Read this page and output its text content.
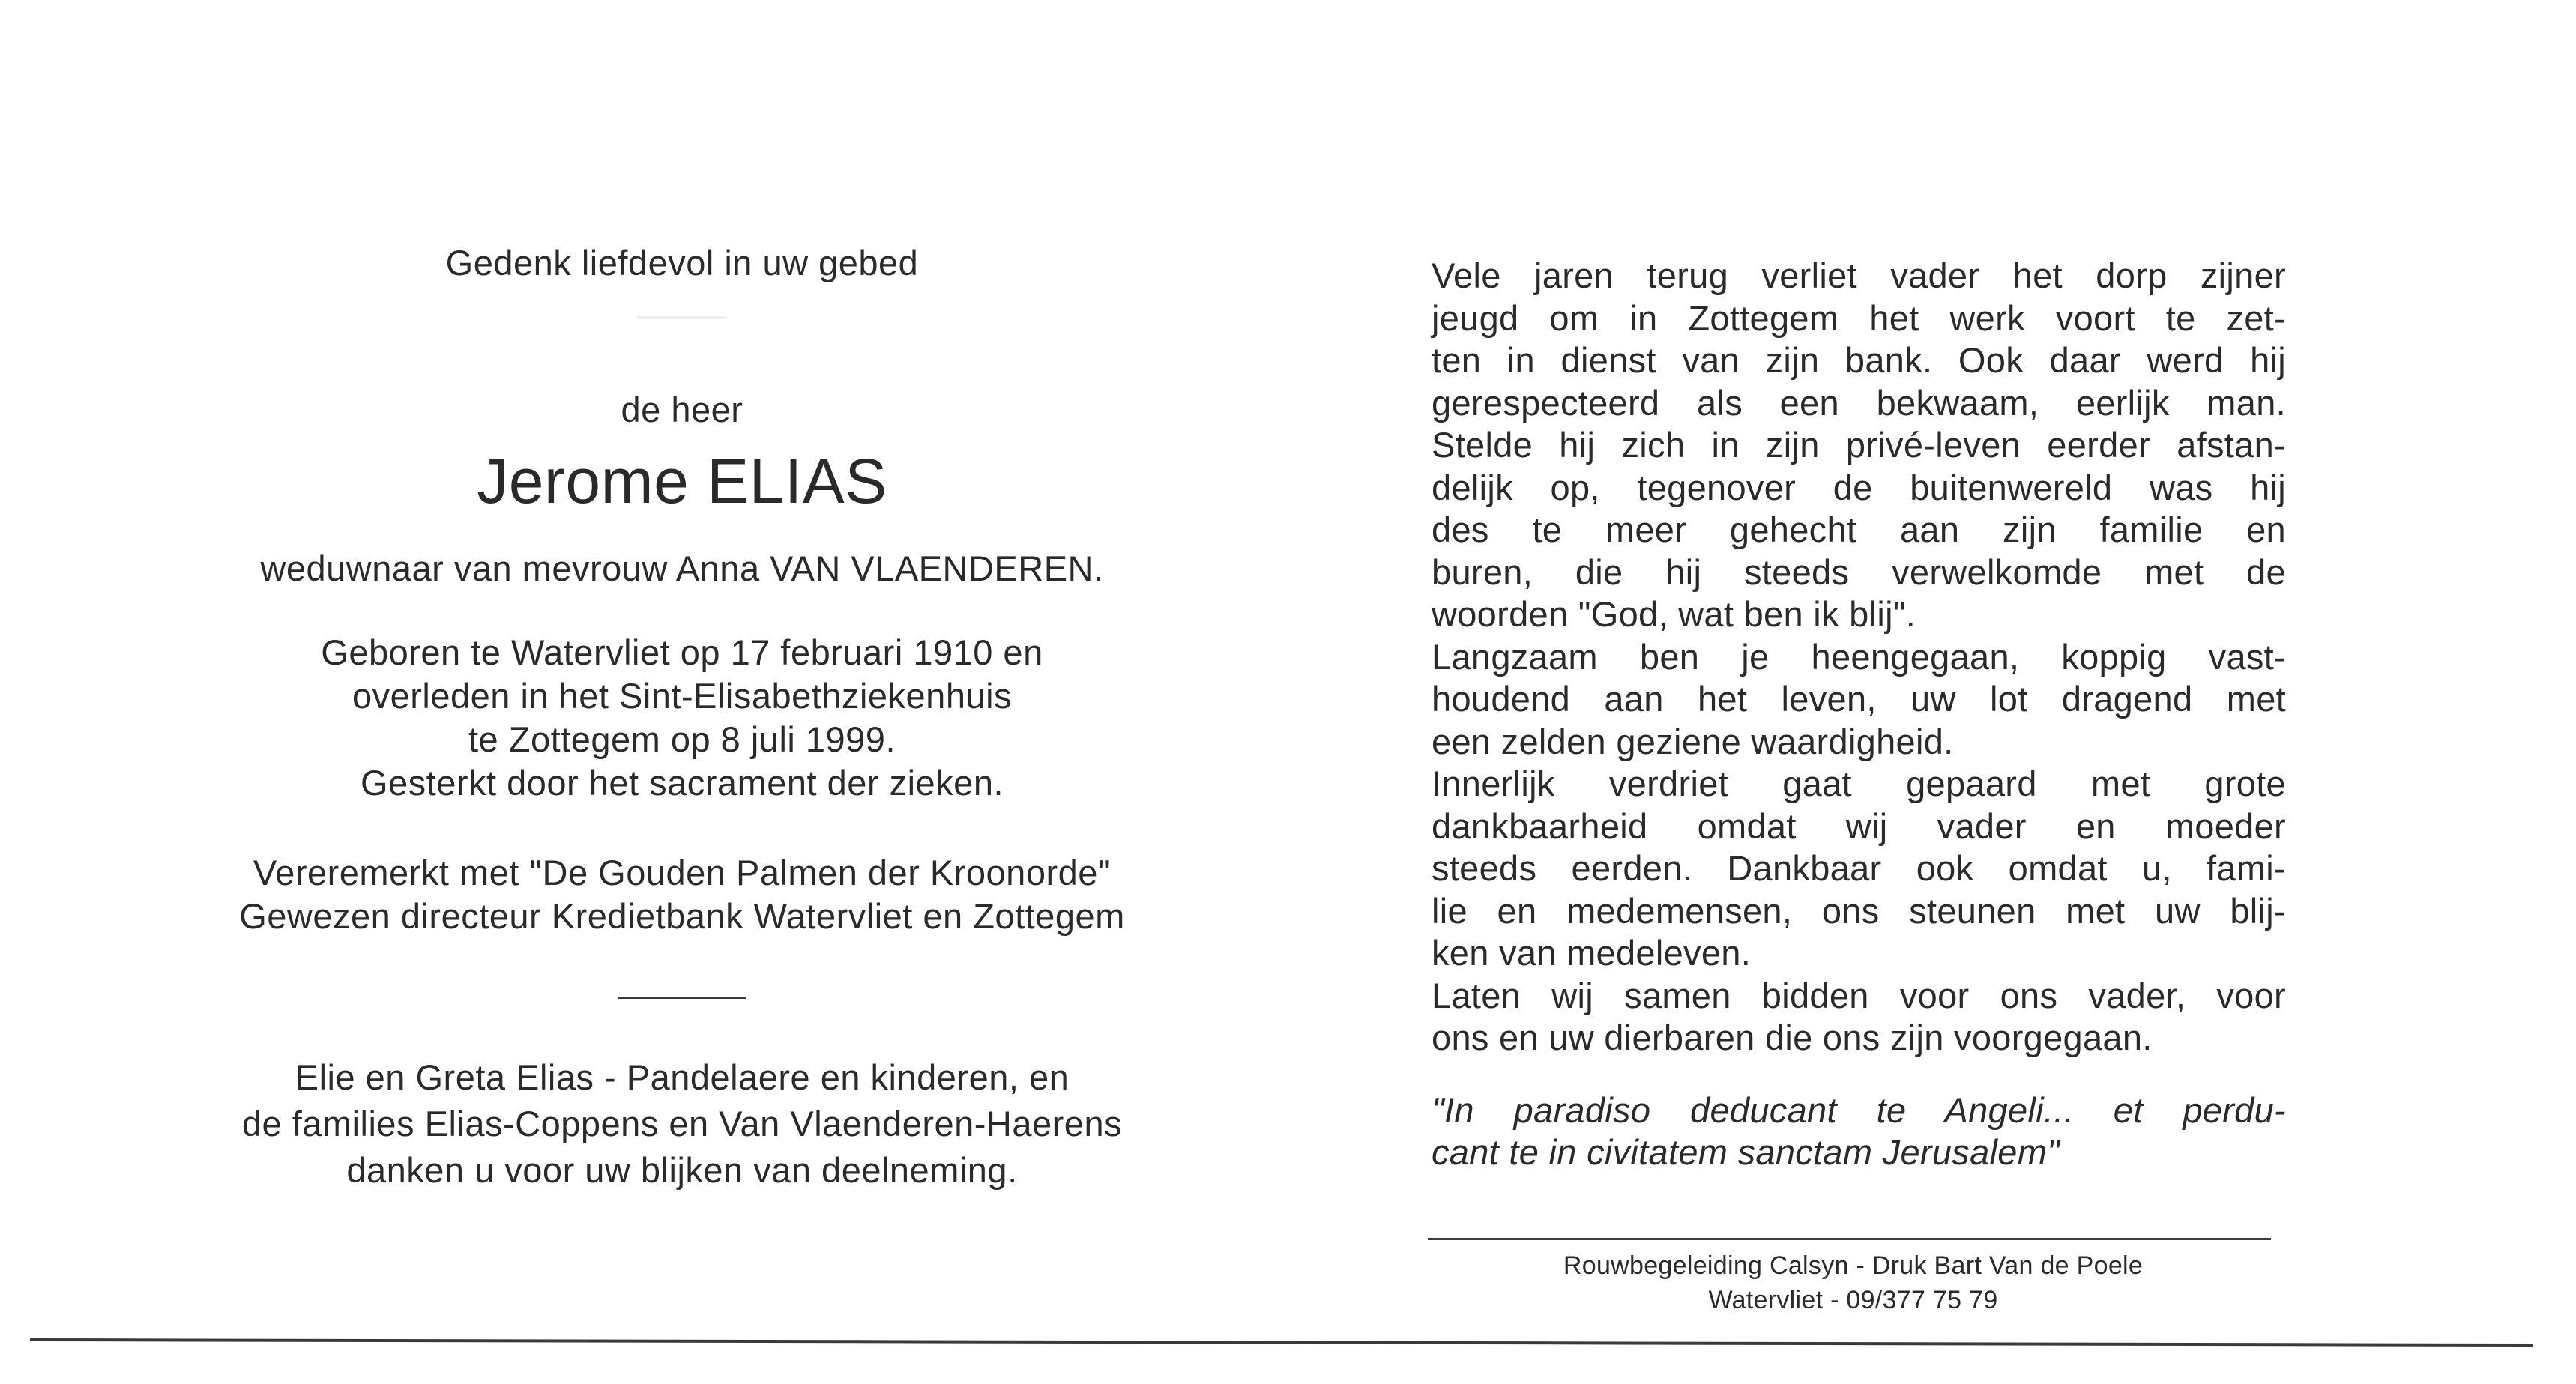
Gedenk liefdevol in uw gebed
de heer
Jerome ELIAS
weduwnaar van mevrouw Anna VAN VLAENDEREN.
Geboren te Watervliet op 17 februari 1910 en
overleden in het Sint-Elisabethziekenhuis
te Zottegem op 8 juli 1999.
Gesterkt door het sacrament der zieken.
Vereremerkt met "De Gouden Palmen der Kroonorde"
Gewezen directeur Kredietbank Watervliet en Zottegem
Elie en Greta Elias - Pandelaere en kinderen, en
de families Elias-Coppens en Van Vlaenderen-Haerens
danken u voor uw blijken van deelneming.
Vele jaren terug verliet vader het dorp zijner
jeugd om in Zottegem het werk voort te zet-
ten in dienst van zijn bank. Ook daar werd hij
gerespecteerd als een bekwaam, eerlijk man.
Stelde hij zich in zijn privé-leven eerder afstan-
delijk op, tegenover de buitenwereld was hij
des te meer gehecht aan zijn familie en
buren, die hij steeds verwelkomde met de
woorden "God, wat ben ik blij".
Langzaam ben je heengegaan, koppig vast-
houdend aan het leven, uw lot dragend met
een zelden geziene waardigheid.
Innerlijk verdriet gaat gepaard met grote
dankbaarheid omdat wij vader en moeder
steeds eerden. Dankbaar ook omdat u, fami-
lie en medemensen, ons steunen met uw blij-
ken van medeleven.
Laten wij samen bidden voor ons vader, voor
ons en uw dierbaren die ons zijn voorgegaan.
"In paradiso deducant te Angeli... et perdu-
cant te in civitatem sanctam Jerusalem"
Rouwbegeleiding Calsyn - Druk Bart Van de Poele
Watervliet - 09/377 75 79
